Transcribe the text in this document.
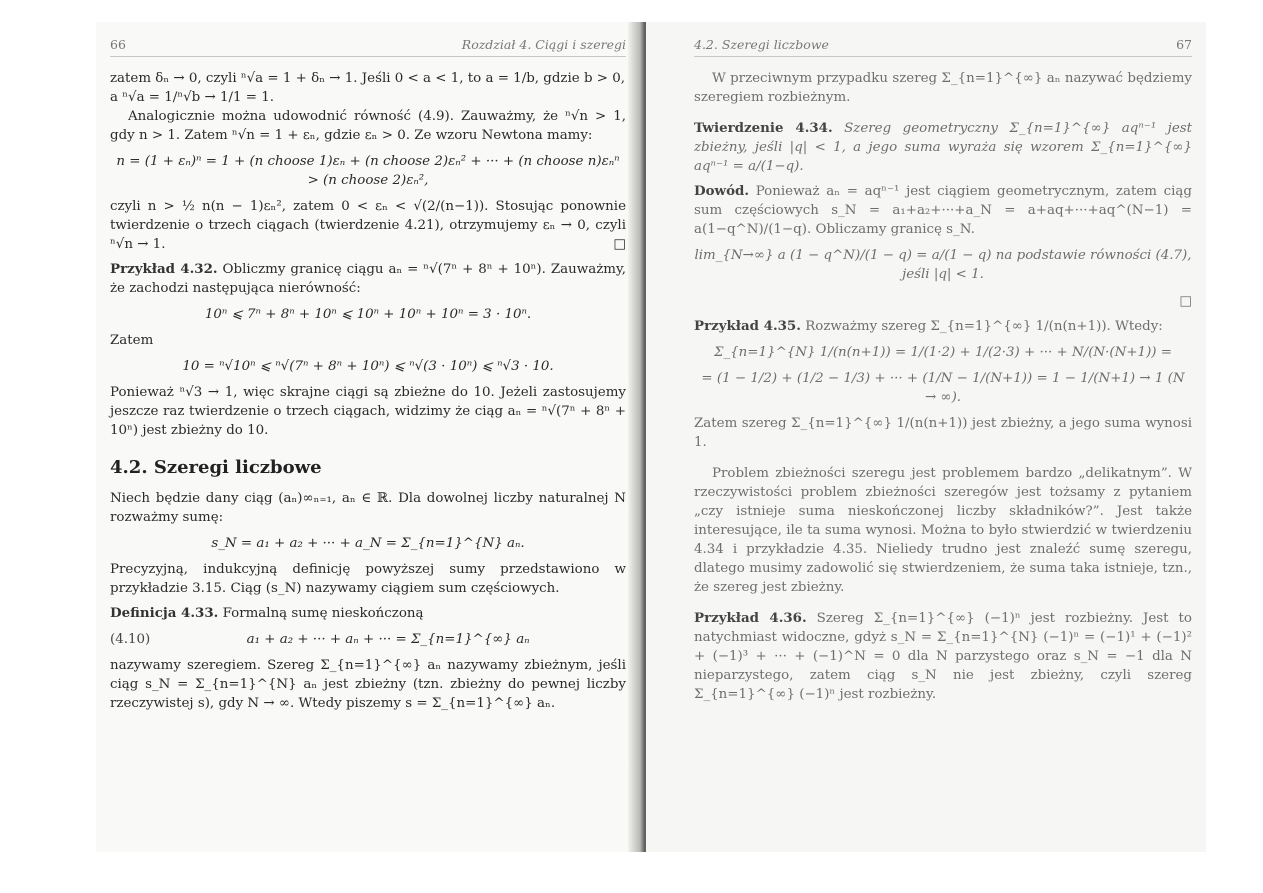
66	Rozdział 4. Ciągi i szeregi

zatem δₙ → 0, czyli ⁿ√a = 1 + δₙ → 1. Jeśli 0 < a < 1, to a = 1/b, gdzie b > 0,

a ⁿ√a = 1/ⁿ√b → 1/1 = 1.

Analogicznie można udowodnić równość (4.9). Zauważmy, że ⁿ√n > 1, gdy n > 1. Zatem ⁿ√n = 1 + εₙ, gdzie εₙ > 0. Ze wzoru Newtona mamy:

n = (1 + εₙ)ⁿ = 1 + (n choose 1)εₙ + (n choose 2)εₙ² + ··· + (n choose n)εₙⁿ > (n choose 2)εₙ²,

czyli n > ½ n(n − 1)εₙ², zatem 0 < εₙ < √(2/(n−1)). Stosując ponownie twierdzenie o trzech ciągach (twierdzenie 4.21), otrzymujemy εₙ → 0, czyli ⁿ√n → 1.	□

Przykład 4.32. Obliczmy granicę ciągu aₙ = ⁿ√(7ⁿ + 8ⁿ + 10ⁿ). Zauważmy, że zachodzi następująca nierówność:

10ⁿ ⩽ 7ⁿ + 8ⁿ + 10ⁿ ⩽ 10ⁿ + 10ⁿ + 10ⁿ = 3 · 10ⁿ.

Zatem

10 = ⁿ√10ⁿ ⩽ ⁿ√(7ⁿ + 8ⁿ + 10ⁿ) ⩽ ⁿ√(3 · 10ⁿ) ⩽ ⁿ√3 · 10.

Ponieważ ⁿ√3 → 1, więc skrajne ciągi są zbieżne do 10. Jeżeli zastosujemy jeszcze raz twierdzenie o trzech ciągach, widzimy że ciąg aₙ = ⁿ√(7ⁿ + 8ⁿ + 10ⁿ) jest zbieżny do 10.

4.2. Szeregi liczbowe

Niech będzie dany ciąg (aₙ)∞ₙ₌₁, aₙ ∈ ℝ. Dla dowolnej liczby naturalnej N rozważmy sumę:

s_N = a₁ + a₂ + ··· + a_N = Σ_{n=1}^{N} aₙ.

Precyzyjną, indukcyjną definicję powyższej sumy przedstawiono w przykładzie 3.15. Ciąg (s_N) nazywamy ciągiem sum częściowych.

Definicja 4.33. Formalną sumę nieskończoną

(4.10)	a₁ + a₂ + ··· + aₙ + ··· = Σ_{n=1}^{∞} aₙ

nazywamy szeregiem. Szereg Σ_{n=1}^{∞} aₙ nazywamy zbieżnym, jeśli ciąg s_N = Σ_{n=1}^{N} aₙ jest zbieżny (tzn. zbieżny do pewnej liczby rzeczywistej s), gdy N → ∞. Wtedy piszemy s = Σ_{n=1}^{∞} aₙ.

4.2. Szeregi liczbowe	67

W przeciwnym przypadku szereg Σ_{n=1}^{∞} aₙ nazywać będziemy szeregiem rozbieżnym.

Twierdzenie 4.34. Szereg geometryczny Σ_{n=1}^{∞} aqⁿ⁻¹ jest zbieżny, jeśli |q| < 1, a jego suma wyraża się wzorem Σ_{n=1}^{∞} aqⁿ⁻¹ = a/(1−q).

Dowód. Ponieważ aₙ = aqⁿ⁻¹ jest ciągiem geometrycznym, zatem ciąg sum częściowych s_N = a₁+a₂+···+a_N = a+aq+···+aq^(N−1) = a(1−q^N)/(1−q). Obliczamy granicę s_N.

lim_{N→∞} a (1 − q^N)/(1 − q) = a/(1 − q) na podstawie równości (4.7), jeśli |q| < 1.
□

Przykład 4.35. Rozważmy szereg Σ_{n=1}^{∞} 1/(n(n+1)). Wtedy:

Σ_{n=1}^{N} 1/(n(n+1)) = 1/(1·2) + 1/(2·3) + ··· + N/(N·(N+1)) =
= (1 − 1/2) + (1/2 − 1/3) + ··· + (1/N − 1/(N+1)) = 1 − 1/(N+1) → 1 (N → ∞).

Zatem szereg Σ_{n=1}^{∞} 1/(n(n+1)) jest zbieżny, a jego suma wynosi 1.

Problem zbieżności szeregu jest problemem bardzo „delikatnym”. W rzeczywistości problem zbieżności szeregów jest tożsamy z pytaniem „czy istnieje suma nieskończonej liczby składników?”. Jest także interesujące, ile ta suma wynosi. Można to było stwierdzić w twierdzeniu 4.34 i przykładzie 4.35. Nieliedy trudno jest znaleźć sumę szeregu, dlatego musimy zadowolić się stwierdzeniem, że suma taka istnieje, tzn., że szereg jest zbieżny.

Przykład 4.36. Szereg Σ_{n=1}^{∞} (−1)ⁿ jest rozbieżny. Jest to natychmiast widoczne, gdyż s_N = Σ_{n=1}^{N} (−1)ⁿ = (−1)¹ + (−1)² + (−1)³ + ··· + (−1)^N = 0 dla N parzystego oraz s_N = −1 dla N nieparzystego, zatem ciąg s_N nie jest zbieżny, czyli szereg Σ_{n=1}^{∞} (−1)ⁿ jest rozbieżny.
